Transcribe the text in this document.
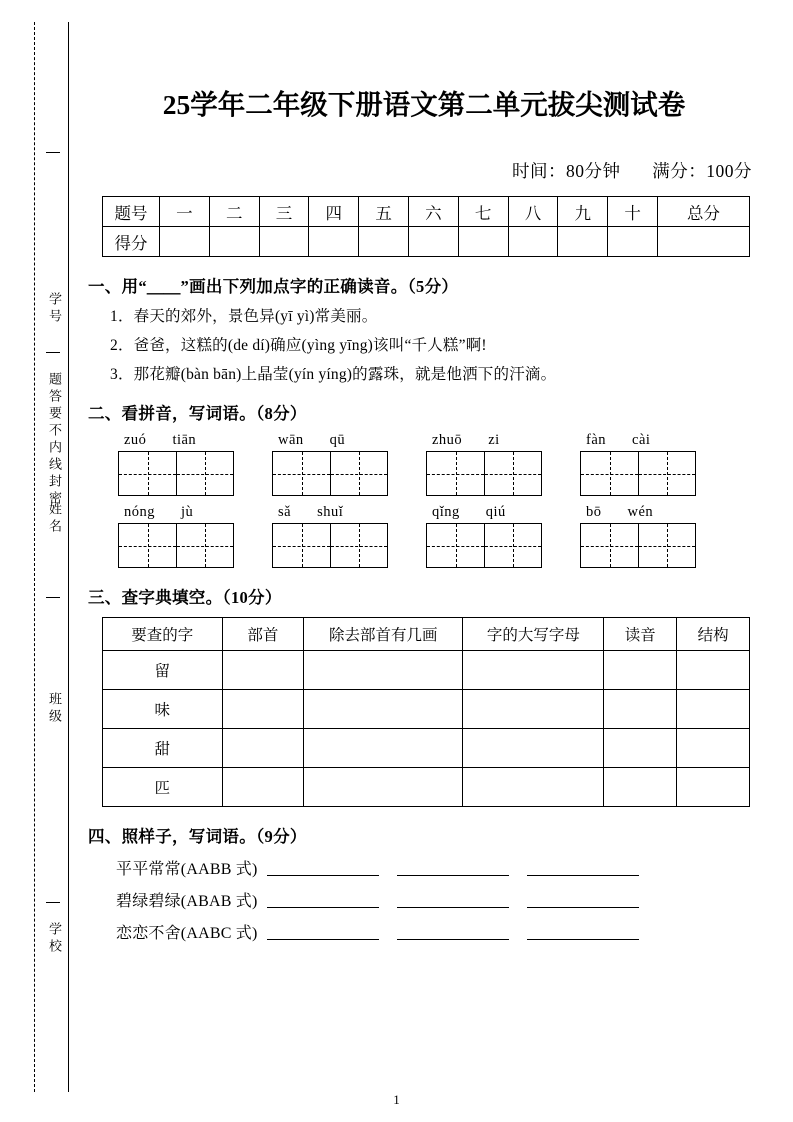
学号
题答要不内线封密
姓名
班级
学校
25学年二年级下册语文第二单元拔尖测试卷
时间：80分钟 满分：100分
题号	一	二	三	四	五	六	七	八	九	十	总分
得分											
一、用“＿＿”画出下列加点字的正确读音。（5分）
1．春天的郊外，景色异(yī yì)常美丽。
2．爸爸，这糕的(de dí)确应(yìng yīng)该叫“千人糕”啊!
3．那花瓣(bàn bān)上晶莹(yín yíng)的露珠，就是他洒下的汗滴。
二、看拼音，写词语。（8分）
zuó tiān	wān qū	zhuō zi	fàn cài
nóng jù	sǎ shuǐ	qǐng qiú	bō wén
三、查字典填空。（10分）
要查的字	部首	除去部首有几画	字的大写字母	读音	结构
留					
味					
甜					
匹					
四、照样子，写词语。（9分）
平平常常(AABB 式)
碧绿碧绿(ABAB 式)
恋恋不舍(AABC 式)
1
